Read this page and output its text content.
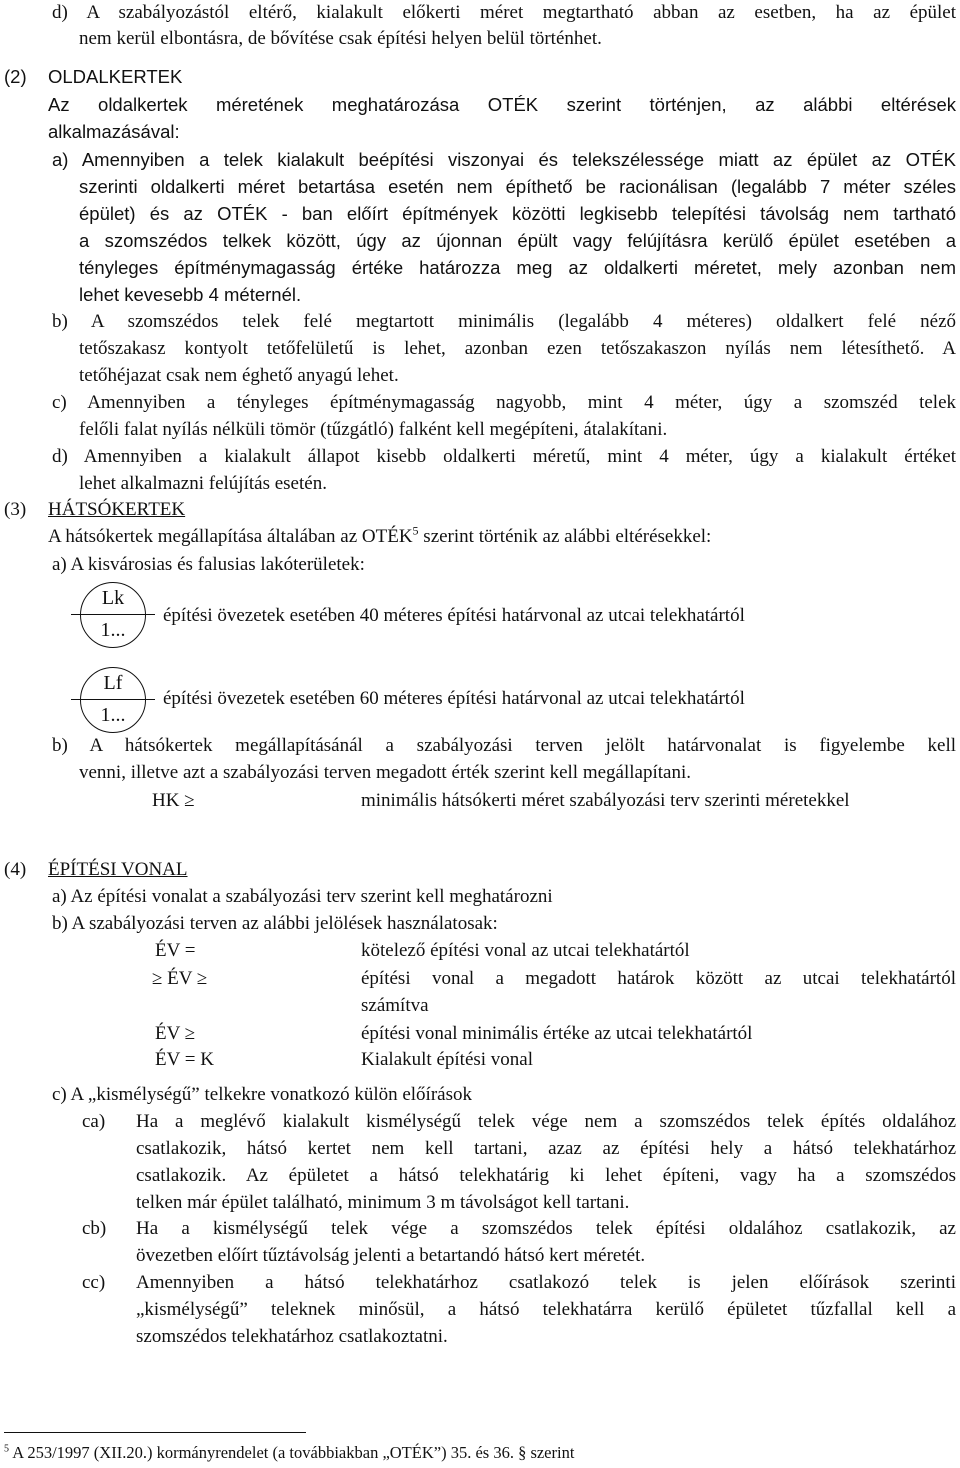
d) A szabályozástól eltérő, kialakult előkerti méret megtartható abban az esetben, ha az épület
nem kerül elbontásra, de bővítése csak építési helyen belül történhet.
(2) OLDALKERTEK
Az oldalkertek méretének meghatározása OTÉK szerint történjen, az alábbi eltérések
alkalmazásával:
a) Amennyiben a telek kialakult beépítési viszonyai és telekszélessége miatt az épület az OTÉK
szerinti oldalkerti méret betartása esetén nem építhető be racionálisan (legalább 7 méter széles
épület) és az OTÉK - ban előírt építmények közötti legkisebb telepítési távolság nem tartható
a szomszédos telkek között, úgy az újonnan épült vagy felújításra kerülő épület esetében a
tényleges építménymagasság értéke határozza meg az oldalkerti méretet, mely azonban nem
lehet kevesebb 4 méternél.
b) A szomszédos telek felé megtartott minimális (legalább 4 méteres) oldalkert felé néző
tetőszakasz kontyolt tetőfelületű is lehet, azonban ezen tetőszakaszon nyílás nem létesíthető. A
tetőhéjazat csak nem éghető anyagú lehet.
c) Amennyiben a tényleges építménymagasság nagyobb, mint 4 méter, úgy a szomszéd telek
felőli falat nyílás nélküli tömör (tűzgátló) falként kell megépíteni, átalakítani.
d) Amennyiben a kialakult állapot kisebb oldalkerti méretű, mint 4 méter, úgy a kialakult értéket
lehet alkalmazni felújítás esetén.
(3) HÁTSÓKERTEK
A hátsókertek megállapítása általában az OTÉK$^5$ szerint történik az alábbi eltérésekkel:
a) A kisvárosias és falusias lakóterületek:
Lk
1...
építési övezetek esetében 40 méteres építési határvonal az utcai telekhatártól
Lf
1...
építési övezetek esetében 60 méteres építési határvonal az utcai telekhatártól
b) A hátsókertek megállapításánál a szabályozási terven jelölt határvonalat is figyelembe kell
venni, illetve azt a szabályozási terven megadott érték szerint kell megállapítani.
HK ≥	minimális hátsókerti méret szabályozási terv szerinti méretekkel
(4) ÉPÍTÉSI VONAL
a) Az építési vonalat a szabályozási terv szerint kell meghatározni
b) A szabályozási terven az alábbi jelölések használatosak:
ÉV =	kötelező építési vonal az utcai telekhatártól
≥ ÉV ≥	építési vonal a megadott határok között az utcai telekhatártól
számítva
ÉV ≥	építési vonal minimális értéke az utcai telekhatártól
ÉV = K	Kialakult építési vonal
c) A „kismélységű” telkekre vonatkozó külön előírások
ca) Ha a meglévő kialakult kismélységű telek vége nem a szomszédos telek építés oldalához
csatlakozik, hátsó kertet nem kell tartani, azaz az építési hely a hátsó telekhatárhoz
csatlakozik. Az épületet a hátsó telekhatárig ki lehet építeni, vagy ha a szomszédos
telken már épület található, minimum 3 m távolságot kell tartani.
cb) Ha a kismélységű telek vége a szomszédos telek építési oldalához csatlakozik, az
övezetben előírt tűztávolság jelenti a betartandó hátsó kert méretét.
cc) Amennyiben a hátsó telekhatárhoz csatlakozó telek is jelen előírások szerinti
„kismélységű” teleknek minősül, a hátsó telekhatárra kerülő épületet tűzfallal kell a
szomszédos telekhatárhoz csatlakoztatni.
$^5$ A 253/1997 (XII.20.) kormányrendelet (a továbbiakban „OTÉK”) 35. és 36. § szerint
